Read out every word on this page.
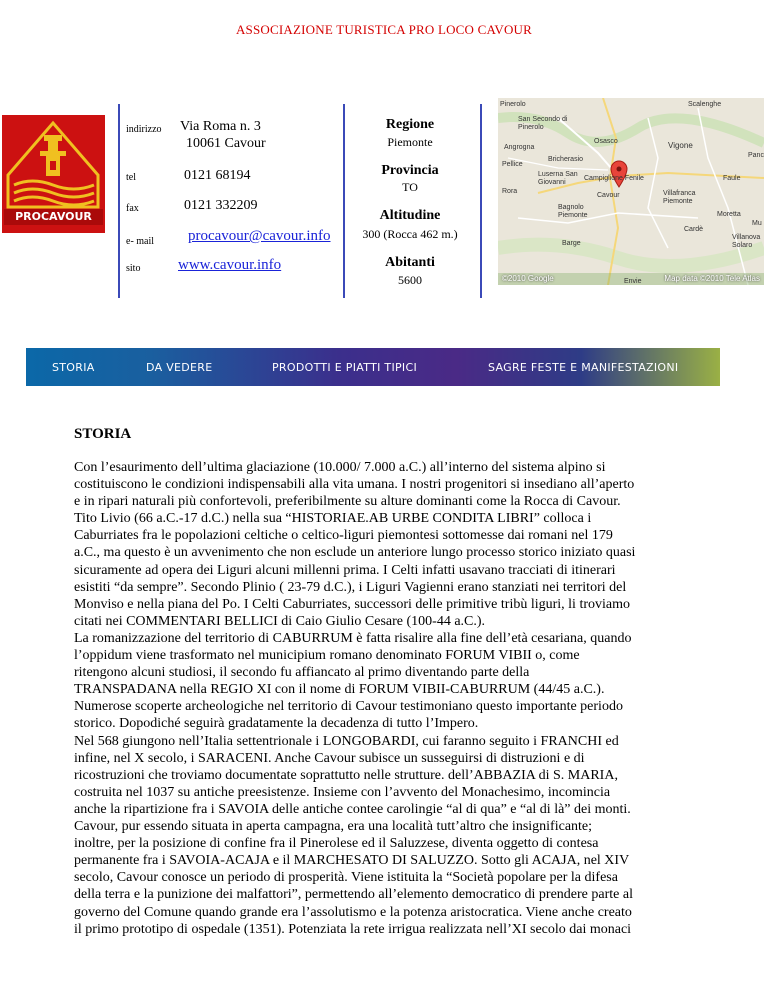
ASSOCIAZIONE TURISTICA PRO LOCO CAVOUR
PROCAVOUR
indirizzo Via Roma n. 3
10061 Cavour
tel	0121 68194
fax	0121 332209
e- mail procavour@cavour.info
sito	www.cavour.info
Regione
Piemonte
Provincia
TO
Altitudine
300 (Rocca 462 m.)
Abitanti
5600
Pinerolo	Scalenghe
San Secondo di Pinerolo
Osasco	Vigone
Angrogna
Bricherasio
Pellice
Luserna San Giovanni
Campiglione Fenile	Faule
Rora
Cavour	Villafranca Piemonte
Bagnolo Piemonte	Moretta
Barge
Cardè
Villanova Solaro
Envie
Panc
Mu
©2010 Google	Map data ©2010 Tele Atlas
STORIA	DA VEDERE	PRODOTTI E PIATTI TIPICI	SAGRE FESTE E MANIFESTAZIONI
STORIA
Con l’esaurimento dell’ultima glaciazione (10.000/ 7.000 a.C.) all’interno del sistema alpino si
costituiscono le condizioni indispensabili alla vita umana. I nostri progenitori si insediano all’aperto
e in ripari naturali più confortevoli, preferibilmente su alture dominanti come la Rocca di Cavour.
Tito Livio (66 a.C.-17 d.C.) nella sua “HISTORIAE.AB URBE CONDITA LIBRI” colloca i
Caburriates fra le popolazioni celtiche o celtico-liguri piemontesi sottomesse dai romani nel 179
a.C., ma questo è un avvenimento che non esclude un anteriore lungo processo storico iniziato quasi
sicuramente ad opera dei Liguri alcuni millenni prima. I Celti infatti usavano tracciati di itinerari
esistiti “da sempre”. Secondo Plinio ( 23-79 d.C.), i Liguri Vagienni erano stanziati nei territori del
Monviso e nella piana del Po. I Celti Caburriates, successori delle primitive tribù liguri, li troviamo
citati nei COMMENTARI BELLICI di Caio Giulio Cesare (100-44 a.C.).
La romanizzazione del territorio di CABURRUM è fatta risalire alla fine dell’età cesariana, quando
l’oppidum viene trasformato nel municipium romano denominato FORUM VIBII o, come
ritengono alcuni studiosi, il secondo fu affiancato al primo diventando parte della
TRANSPADANA nella REGIO XI con il nome di FORUM VIBII-CABURRUM (44/45 a.C.).
Numerose scoperte archeologiche nel territorio di Cavour testimoniano questo importante periodo
storico. Dopodiché seguirà gradatamente la decadenza di tutto l’Impero.
Nel 568 giungono nell’Italia settentrionale i LONGOBARDI, cui faranno seguito i FRANCHI ed
infine, nel X secolo, i SARACENI. Anche Cavour subisce un susseguirsi di distruzioni e di
ricostruzioni che troviamo documentate soprattutto nelle strutture. dell’ABBAZIA di S. MARIA,
costruita nel 1037 su antiche preesistenze. Insieme con l’avvento del Monachesimo, incomincia
anche la ripartizione fra i SAVOIA delle antiche contee carolingie “al di qua” e “al di là” dei monti.
Cavour, pur essendo situata in aperta campagna, era una località tutt’altro che insignificante;
inoltre, per la posizione di confine fra il Pinerolese ed il Saluzzese, diventa oggetto di contesa
permanente fra i SAVOIA-ACAJA e il MARCHESATO DI SALUZZO. Sotto gli ACAJA, nel XIV
secolo, Cavour conosce un periodo di prosperità. Viene istituita la “Società popolare per la difesa
della terra e la punizione dei malfattori”, permettendo all’elemento democratico di prendere parte al
governo del Comune quando grande era l’assolutismo e la potenza aristocratica. Viene anche creato
il primo prototipo di ospedale (1351). Potenziata la rete irrigua realizzata nell’XI secolo dai monaci
